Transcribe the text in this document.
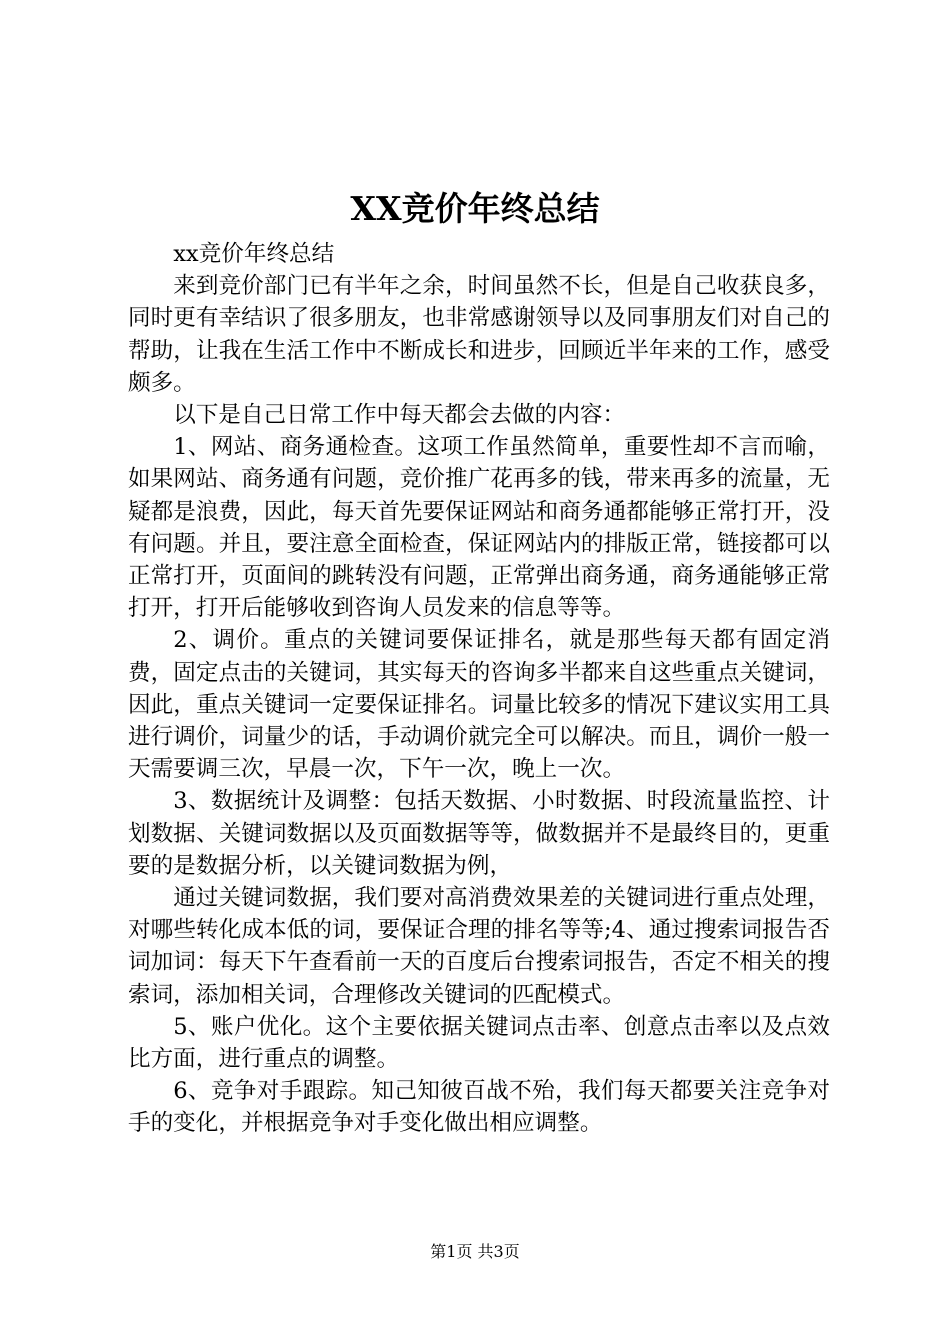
XX竞价年终总结

xx竞价年终总结

来到竞价部门已有半年之余，时间虽然不长，但是自己收获良多，同时更有幸结识了很多朋友，也非常感谢领导以及同事朋友们对自己的帮助，让我在生活工作中不断成长和进步，回顾近半年来的工作，感受颇多。

以下是自己日常工作中每天都会去做的内容：

1、网站、商务通检查。这项工作虽然简单，重要性却不言而喻，如果网站、商务通有问题，竞价推广花再多的钱，带来再多的流量，无疑都是浪费，因此，每天首先要保证网站和商务通都能够正常打开，没有问题。并且，要注意全面检查，保证网站内的排版正常，链接都可以正常打开，页面间的跳转没有问题，正常弹出商务通，商务通能够正常打开，打开后能够收到咨询人员发来的信息等等。

2、调价。重点的关键词要保证排名，就是那些每天都有固定消费，固定点击的关键词，其实每天的咨询多半都来自这些重点关键词，因此，重点关键词一定要保证排名。词量比较多的情况下建议实用工具进行调价，词量少的话，手动调价就完全可以解决。而且，调价一般一天需要调三次，早晨一次，下午一次，晚上一次。

3、数据统计及调整：包括天数据、小时数据、时段流量监控、计划数据、关键词数据以及页面数据等等，做数据并不是最终目的，更重要的是数据分析，以关键词数据为例，

通过关键词数据，我们要对高消费效果差的关键词进行重点处理，对哪些转化成本低的词，要保证合理的排名等等;4、通过搜索词报告否词加词：每天下午查看前一天的百度后台搜索词报告，否定不相关的搜索词，添加相关词，合理修改关键词的匹配模式。

5、账户优化。这个主要依据关键词点击率、创意点击率以及点效比方面，进行重点的调整。

6、竞争对手跟踪。知己知彼百战不殆，我们每天都要关注竞争对手的变化，并根据竞争对手变化做出相应调整。

第1页 共3页
